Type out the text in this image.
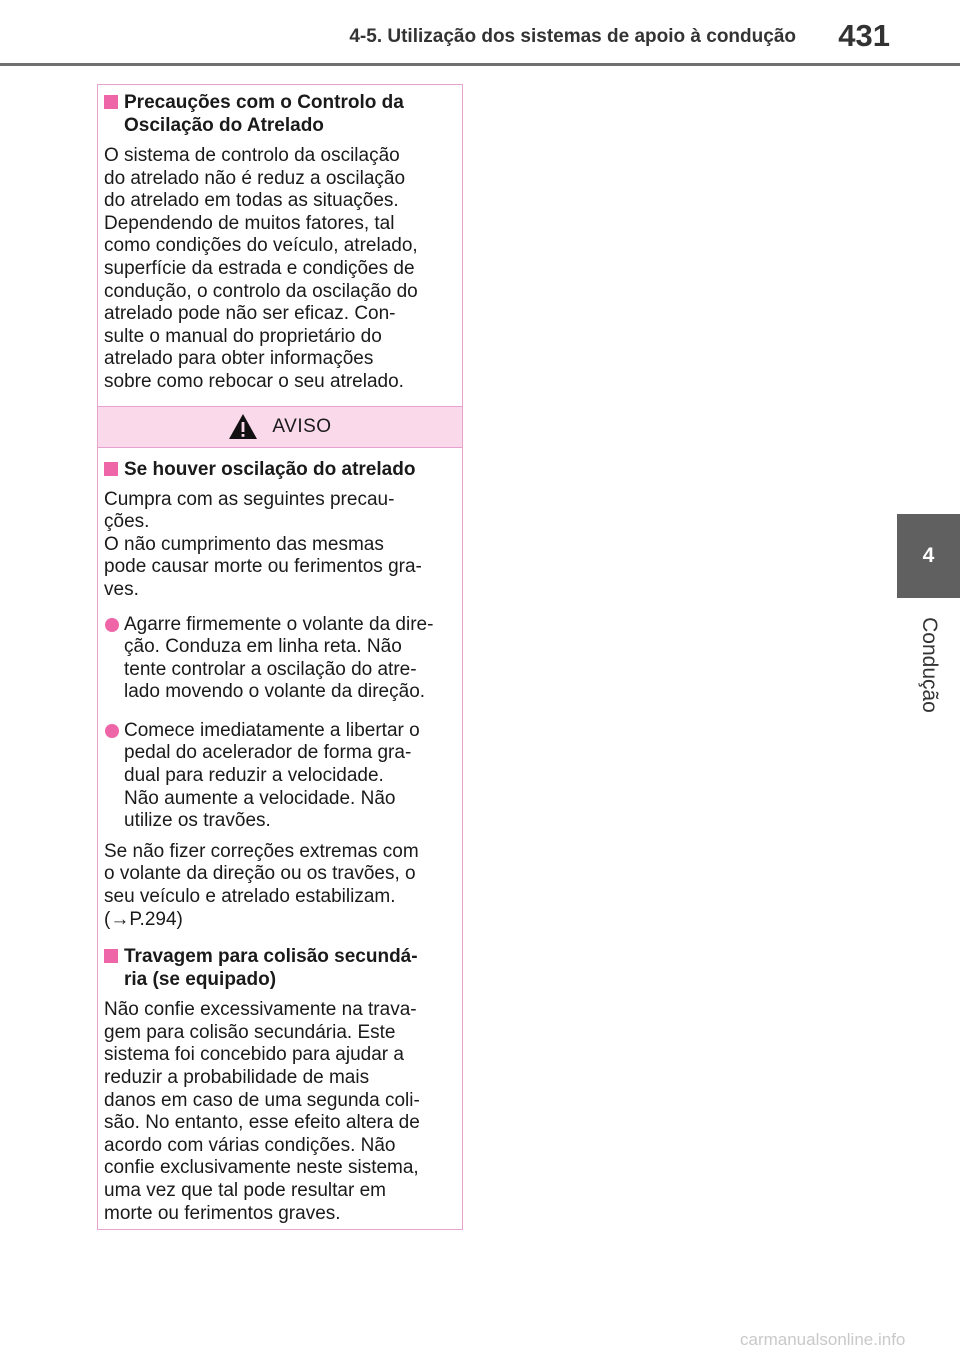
4-5. Utilização dos sistemas de apoio à condução 431
4
Condução
Precauções com o Controlo da
Oscilação do Atrelado
O sistema de controlo da oscilação
do atrelado não é reduz a oscilação
do atrelado em todas as situações.
Dependendo de muitos fatores, tal
como condições do veículo, atrelado,
superfície da estrada e condições de
condução, o controlo da oscilação do
atrelado pode não ser eficaz. Con-
sulte o manual do proprietário do
atrelado para obter informações
sobre como rebocar o seu atrelado.
AVISO
Se houver oscilação do atrelado
Cumpra com as seguintes precau-
ções.
O não cumprimento das mesmas
pode causar morte ou ferimentos gra-
ves.
Agarre firmemente o volante da dire-
ção. Conduza em linha reta. Não
tente controlar a oscilação do atre-
lado movendo o volante da direção.
Comece imediatamente a libertar o
pedal do acelerador de forma gra-
dual para reduzir a velocidade.
Não aumente a velocidade. Não
utilize os travões.
Se não fizer correções extremas com
o volante da direção ou os travões, o
seu veículo e atrelado estabilizam.
(→P.294)
Travagem para colisão secundá-
ria (se equipado)
Não confie excessivamente na trava-
gem para colisão secundária. Este
sistema foi concebido para ajudar a
reduzir a probabilidade de mais
danos em caso de uma segunda coli-
são. No entanto, esse efeito altera de
acordo com várias condições. Não
confie exclusivamente neste sistema,
uma vez que tal pode resultar em
morte ou ferimentos graves.
carmanualsonline.info
